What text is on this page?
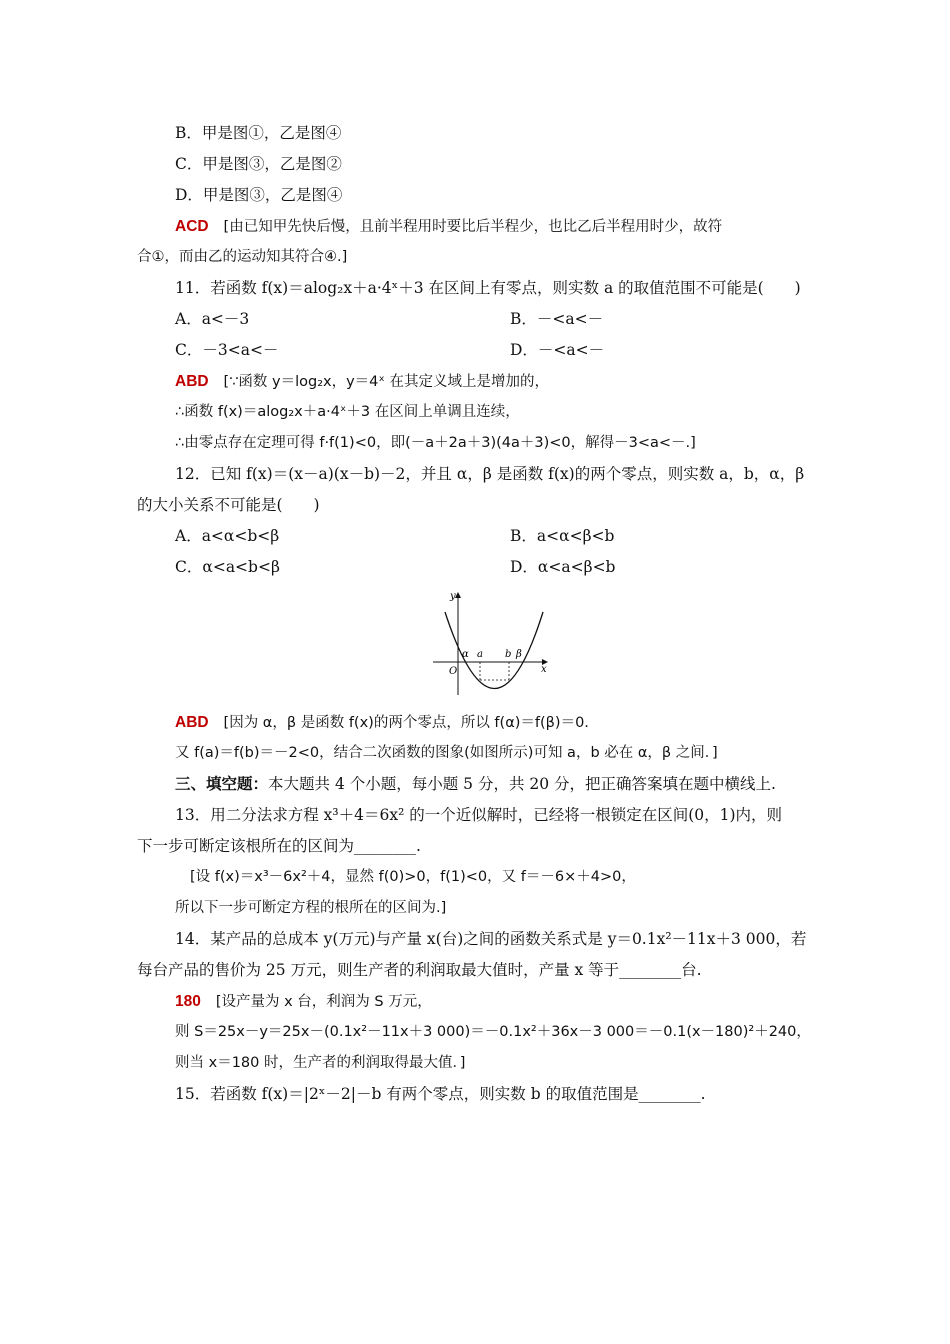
B．甲是图①，乙是图④
C．甲是图③，乙是图②
D．甲是图③，乙是图④
ACD [由已知甲先快后慢，且前半程用时要比后半程少，也比乙后半程用时少，故符
合①，而由乙的运动知其符合④.]
11．若函数 f(x)＝alog₂x＋a·4ˣ＋3 在区间上有零点，则实数 a 的取值范围不可能是(　　)
A．a<－3	B．－<a<－
C．－3<a<－	D．－<a<－
ABD [∵函数 y＝log₂x，y＝4ˣ 在其定义域上是增加的，
∴函数 f(x)＝alog₂x＋a·4ˣ＋3 在区间上单调且连续，
∴由零点存在定理可得 f·f(1)<0，即(－a＋2a＋3)(4a＋3)<0，解得－3<a<－.]
12．已知 f(x)＝(x－a)(x－b)－2，并且 α，β 是函数 f(x)的两个零点，则实数 a，b，α，β
的大小关系不可能是(　　)
A．a<α<b<β	B．a<α<β<b
C．α<a<b<β	D．α<a<β<b
y
x
O
α a b β
ABD [因为 α，β 是函数 f(x)的两个零点，所以 f(α)＝f(β)＝0.
又 f(a)＝f(b)＝－2<0，结合二次函数的图象(如图所示)可知 a，b 必在 α，β 之间．]
三、填空题：本大题共 4 个小题，每小题 5 分，共 20 分，把正确答案填在题中横线上.
13．用二分法求方程 x³＋4＝6x² 的一个近似解时，已经将一根锁定在区间(0，1)内，则
下一步可断定该根所在的区间为________.
[设 f(x)＝x³－6x²＋4，显然 f(0)>0，f(1)<0，又 f＝－6×＋4>0，
所以下一步可断定方程的根所在的区间为.]
14．某产品的总成本 y(万元)与产量 x(台)之间的函数关系式是 y＝0.1x²－11x＋3 000，若
每台产品的售价为 25 万元，则生产者的利润取最大值时，产量 x 等于________台.
180 [设产量为 x 台，利润为 S 万元，
则 S＝25x－y＝25x－(0.1x²－11x＋3 000)＝－0.1x²＋36x－3 000＝－0.1(x－180)²＋240，
则当 x＝180 时，生产者的利润取得最大值．]
15．若函数 f(x)＝|2ˣ－2|－b 有两个零点，则实数 b 的取值范围是________.
